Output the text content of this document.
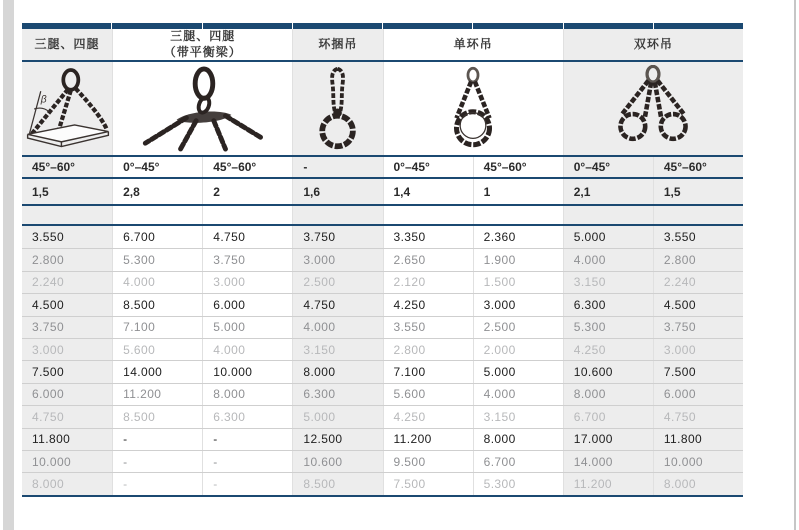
三腿、四腿
三腿、四腿
（带平衡梁）
环捆吊	单环吊	双环吊
β
45°–60°	0°–45°	45°–60°	-	0°–45°	45°–60°	0°–45°	45°–60°
1,5	2,8	2	1,6	1,4	1	2,1	1,5
3.550	6.700	4.750	3.750	3.350	2.360	5.000	3.550
2.800	5.300	3.750	3.000	2.650	1.900	4.000	2.800
2.240	4.000	3.000	2.500	2.120	1.500	3.150	2.240
4.500	8.500	6.000	4.750	4.250	3.000	6.300	4.500
3.750	7.100	5.000	4.000	3.550	2.500	5.300	3.750
3.000	5.600	4.000	3.150	2.800	2.000	4.250	3.000
7.500	14.000	10.000	8.000	7.100	5.000	10.600	7.500
6.000	11.200	8.000	6.300	5.600	4.000	8.000	6.000
4.750	8.500	6.300	5.000	4.250	3.150	6.700	4.750
11.800	-	-	12.500	11.200	8.000	17.000	11.800
10.000	-	-	10.600	9.500	6.700	14.000	10.000
8.000	-	-	8.500	7.500	5.300	11.200	8.000
